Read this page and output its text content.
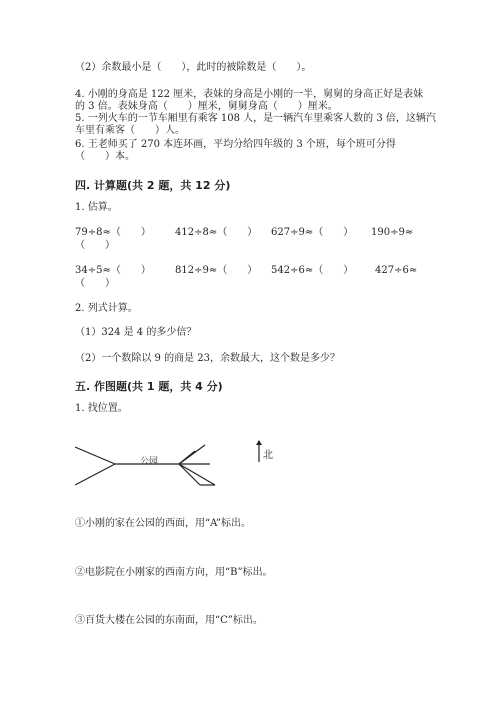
（2）余数最小是（　　），此时的被除数是（　　）。
4. 小刚的身高是 122 厘米，表妹的身高是小刚的一半，舅舅的身高正好是表妹
的 3 倍。表妹身高（　　）厘米，舅舅身高（　　）厘米。
5. 一列火车的一节车厢里有乘客 108 人，是一辆汽车里乘客人数的 3 倍，这辆汽
车里有乘客（　　）人。
6. 王老师买了 270 本连环画，平均分给四年级的 3 个班，每个班可分得
（　　）本。
四. 计算题(共 2 题，共 12 分)
1. 估算。
79÷8≈（　　） 412÷8≈（　　） 627÷9≈（　　） 190÷9≈
（　　）
34÷5≈（　　） 812÷9≈（　　） 542÷6≈（　　） 427÷6≈
（　　）
2. 列式计算。
（1）324 是 4 的多少倍？
（2）一个数除以 9 的商是 23，余数最大，这个数是多少？
五. 作图题(共 1 题，共 4 分)
1. 找位置。
公园
北
①小刚的家在公园的西面，用“A”标出。
②电影院在小刚家的西南方向，用“B”标出。
③百货大楼在公园的东南面，用“C”标出。
